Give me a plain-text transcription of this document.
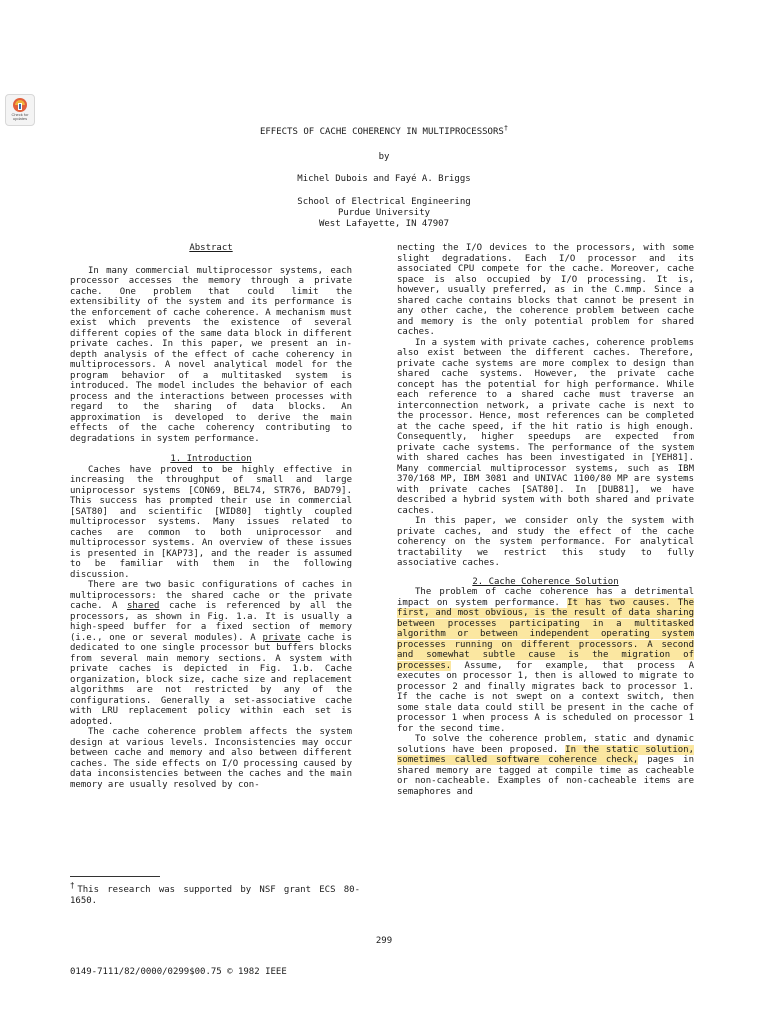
Check for updates
EFFECTS OF CACHE COHERENCY IN MULTIPROCESSORS†
by
Michel Dubois and Fayé A. Briggs
School of Electrical Engineering
Purdue University
West Lafayette, IN 47907
Abstract

In many commercial multiprocessor systems, each processor accesses the memory through a private cache. One problem that could limit the extensibility of the system and its performance is the enforcement of cache coherence. A mechanism must exist which prevents the existence of several different copies of the same data block in different private caches. In this paper, we present an in-depth analysis of the effect of cache coherency in multiprocessors. A novel analytical model for the program behavior of a multitasked system is introduced. The model includes the behavior of each process and the interactions between processes with regard to the sharing of data blocks. An approximation is developed to derive the main effects of the cache coherency contributing to degradations in system performance.

1. Introduction

Caches have proved to be highly effective in increasing the throughput of small and large uniprocessor systems [CON69, BEL74, STR76, BAD79]. This success has prompted their use in commercial [SAT80] and scientific [WID80] tightly coupled multiprocessor systems. Many issues related to caches are common to both uniprocessor and multiprocessor systems. An overview of these issues is presented in [KAP73], and the reader is assumed to be familiar with them in the following discussion.

There are two basic configurations of caches in multiprocessors: the shared cache or the private cache. A shared cache is referenced by all the processors, as shown in Fig. 1.a. It is usually a high-speed buffer for a fixed section of memory (i.e., one or several modules). A private cache is dedicated to one single processor but buffers blocks from several main memory sections. A system with private caches is depicted in Fig. 1.b. Cache organization, block size, cache size and replacement algorithms are not restricted by any of the configurations. Generally a set-associative cache with LRU replacement policy within each set is adopted.

The cache coherence problem affects the system design at various levels. Inconsistencies may occur between cache and memory and also between different caches. The side effects on I/O processing caused by data inconsistencies between the caches and the main memory are usually resolved by con-

necting the I/O devices to the processors, with some slight degradations. Each I/O processor and its associated CPU compete for the cache. Moreover, cache space is also occupied by I/O processing. It is, however, usually preferred, as in the C.mmp. Since a shared cache contains blocks that cannot be present in any other cache, the coherence problem between cache and memory is the only potential problem for shared caches.

In a system with private caches, coherence problems also exist between the different caches. Therefore, private cache systems are more complex to design than shared cache systems. However, the private cache concept has the potential for high performance. While each reference to a shared cache must traverse an interconnection network, a private cache is next to the processor. Hence, most references can be completed at the cache speed, if the hit ratio is high enough. Consequently, higher speedups are expected from private cache systems. The performance of the system with shared caches has been investigated in [YEH81]. Many commercial multiprocessor systems, such as IBM 370/168 MP, IBM 3081 and UNIVAC 1100/80 MP are systems with private caches [SAT80]. In [DUB81], we have described a hybrid system with both shared and private caches.

In this paper, we consider only the system with private caches, and study the effect of the cache coherency on the system performance. For analytical tractability we restrict this study to fully associative caches.

2. Cache Coherence Solution

The problem of cache coherence has a detrimental impact on system performance. It has two causes. The first, and most obvious, is the result of data sharing between processes participating in a multitasked algorithm or between independent operating system processes running on different processors. A second and somewhat subtle cause is the migration of processes. Assume, for example, that process A executes on processor 1, then is allowed to migrate to processor 2 and finally migrates back to processor 1. If the cache is not swept on a context switch, then some stale data could still be present in the cache of processor 1 when process A is scheduled on processor 1 for the second time.

To solve the coherence problem, static and dynamic solutions have been proposed. In the static solution, sometimes called software coherence check, pages in shared memory are tagged at compile time as cacheable or non-cacheable. Examples of non-cacheable items are semaphores and

†This research was supported by NSF grant ECS 80-1650.
299
0149-7111/82/0000/0299$00.75 © 1982 IEEE
